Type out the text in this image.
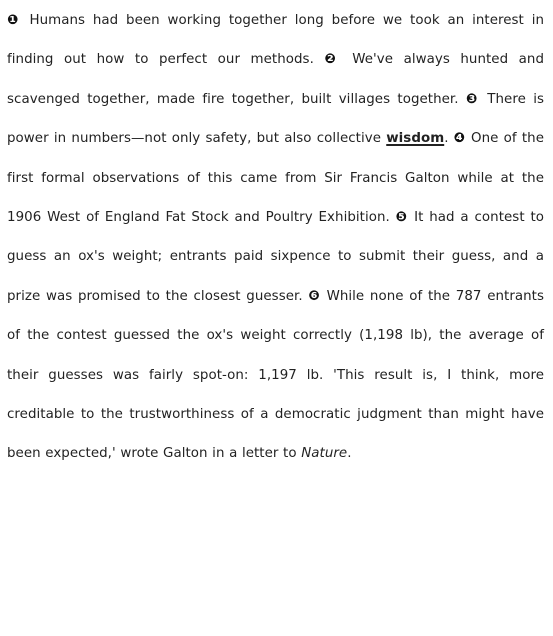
❶ Humans had been working together long before we took an interest in finding out how to perfect our methods. ❷ We've always hunted and scavenged together, made fire together, built villages together. ❸ There is power in numbers—not only safety, but also collective wisdom. ❹ One of the first formal observations of this came from Sir Francis Galton while at the 1906 West of England Fat Stock and Poultry Exhibition. ❺ It had a contest to guess an ox's weight; entrants paid sixpence to submit their guess, and a prize was promised to the closest guesser. ❻ While none of the 787 entrants of the contest guessed the ox's weight correctly (1,198 lb), the average of their guesses was fairly spot-on: 1,197 lb. 'This result is, I think, more creditable to the trustworthiness of a democratic judgment than might have been expected,' wrote Galton in a letter to Nature.
